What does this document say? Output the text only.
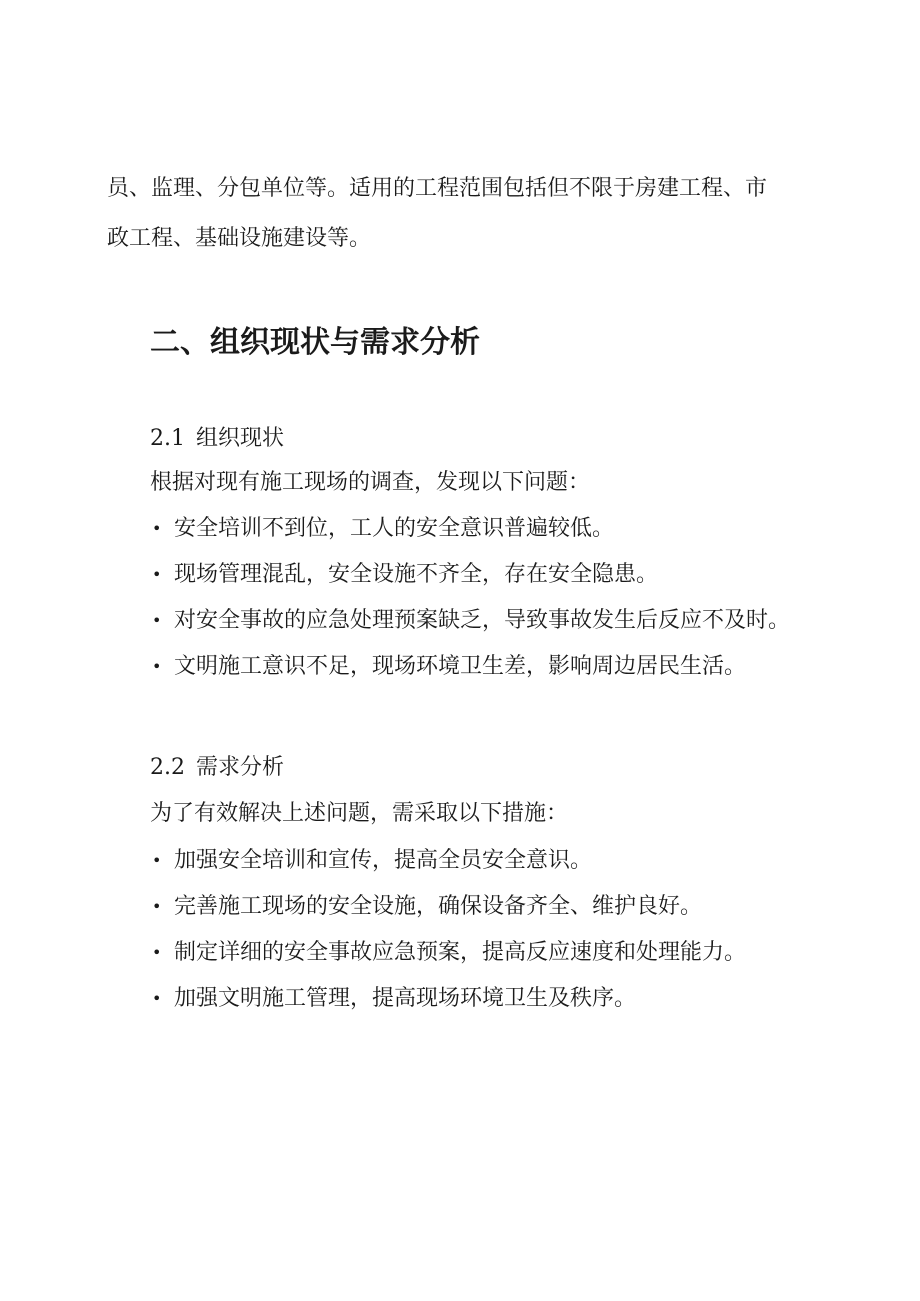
员、监理、分包单位等。适用的工程范围包括但不限于房建工程、市
政工程、基础设施建设等。
二、组织现状与需求分析
2.1 组织现状
根据对现有施工现场的调查，发现以下问题：
• 安全培训不到位，工人的安全意识普遍较低。
• 现场管理混乱，安全设施不齐全，存在安全隐患。
• 对安全事故的应急处理预案缺乏，导致事故发生后反应不及时。
• 文明施工意识不足，现场环境卫生差，影响周边居民生活。
2.2 需求分析
为了有效解决上述问题，需采取以下措施：
• 加强安全培训和宣传，提高全员安全意识。
• 完善施工现场的安全设施，确保设备齐全、维护良好。
• 制定详细的安全事故应急预案，提高反应速度和处理能力。
• 加强文明施工管理，提高现场环境卫生及秩序。
